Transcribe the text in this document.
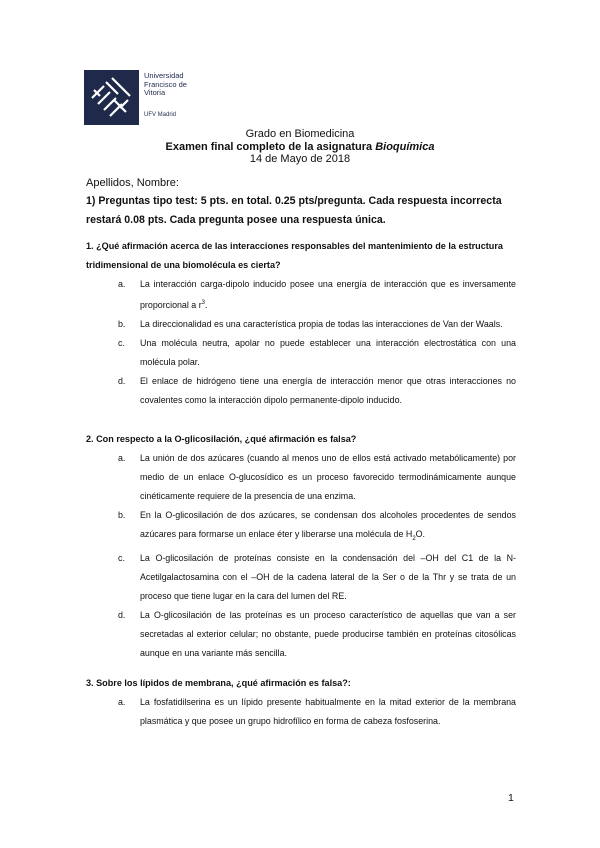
Universidad
Francisco de
Vitoria
UFV Madrid
Grado en Biomedicina
Examen final completo de la asignatura Bioquímica
14 de Mayo de 2018
Apellidos, Nombre:
1) Preguntas tipo test: 5 pts. en total. 0.25 pts/pregunta. Cada respuesta incorrecta restará 0.08 pts. Cada pregunta posee una respuesta única.
1. ¿Qué afirmación acerca de las interacciones responsables del mantenimiento de la estructura tridimensional de una biomolécula es cierta?
a. La interacción carga-dipolo inducido posee una energía de interacción que es inversamente proporcional a $r^3$.
b. La direccionalidad es una característica propia de todas las interacciones de Van der Waals.
c. Una molécula neutra, apolar no puede establecer una interacción electrostática con una molécula polar.
d. El enlace de hidrógeno tiene una energía de interacción menor que otras interacciones no covalentes como la interacción dipolo permanente-dipolo inducido.
2. Con respecto a la O-glicosilación, ¿qué afirmación es falsa?
a. La unión de dos azúcares (cuando al menos uno de ellos está activado metabólicamente) por medio de un enlace O-glucosídico es un proceso favorecido termodinámicamente aunque cinéticamente requiere de la presencia de una enzima.
b. En la O-glicosilación de dos azúcares, se condensan dos alcoholes procedentes de sendos azúcares para formarse un enlace éter y liberarse una molécula de $H_2O$.
c. La O-glicosilación de proteínas consiste en la condensación del –OH del C1 de la N-Acetilgalactosamina con el –OH de la cadena lateral de la Ser o de la Thr y se trata de un proceso que tiene lugar en la cara del lumen del RE.
d. La O-glicosilación de las proteínas es un proceso característico de aquellas que van a ser secretadas al exterior celular; no obstante, puede producirse también en proteínas citosólicas aunque en una variante más sencilla.
3. Sobre los lípidos de membrana, ¿qué afirmación es falsa?:
a. La fosfatidilserina es un lípido presente habitualmente en la mitad exterior de la membrana plasmática y que posee un grupo hidrofílico en forma de cabeza fosfoserina.
1
